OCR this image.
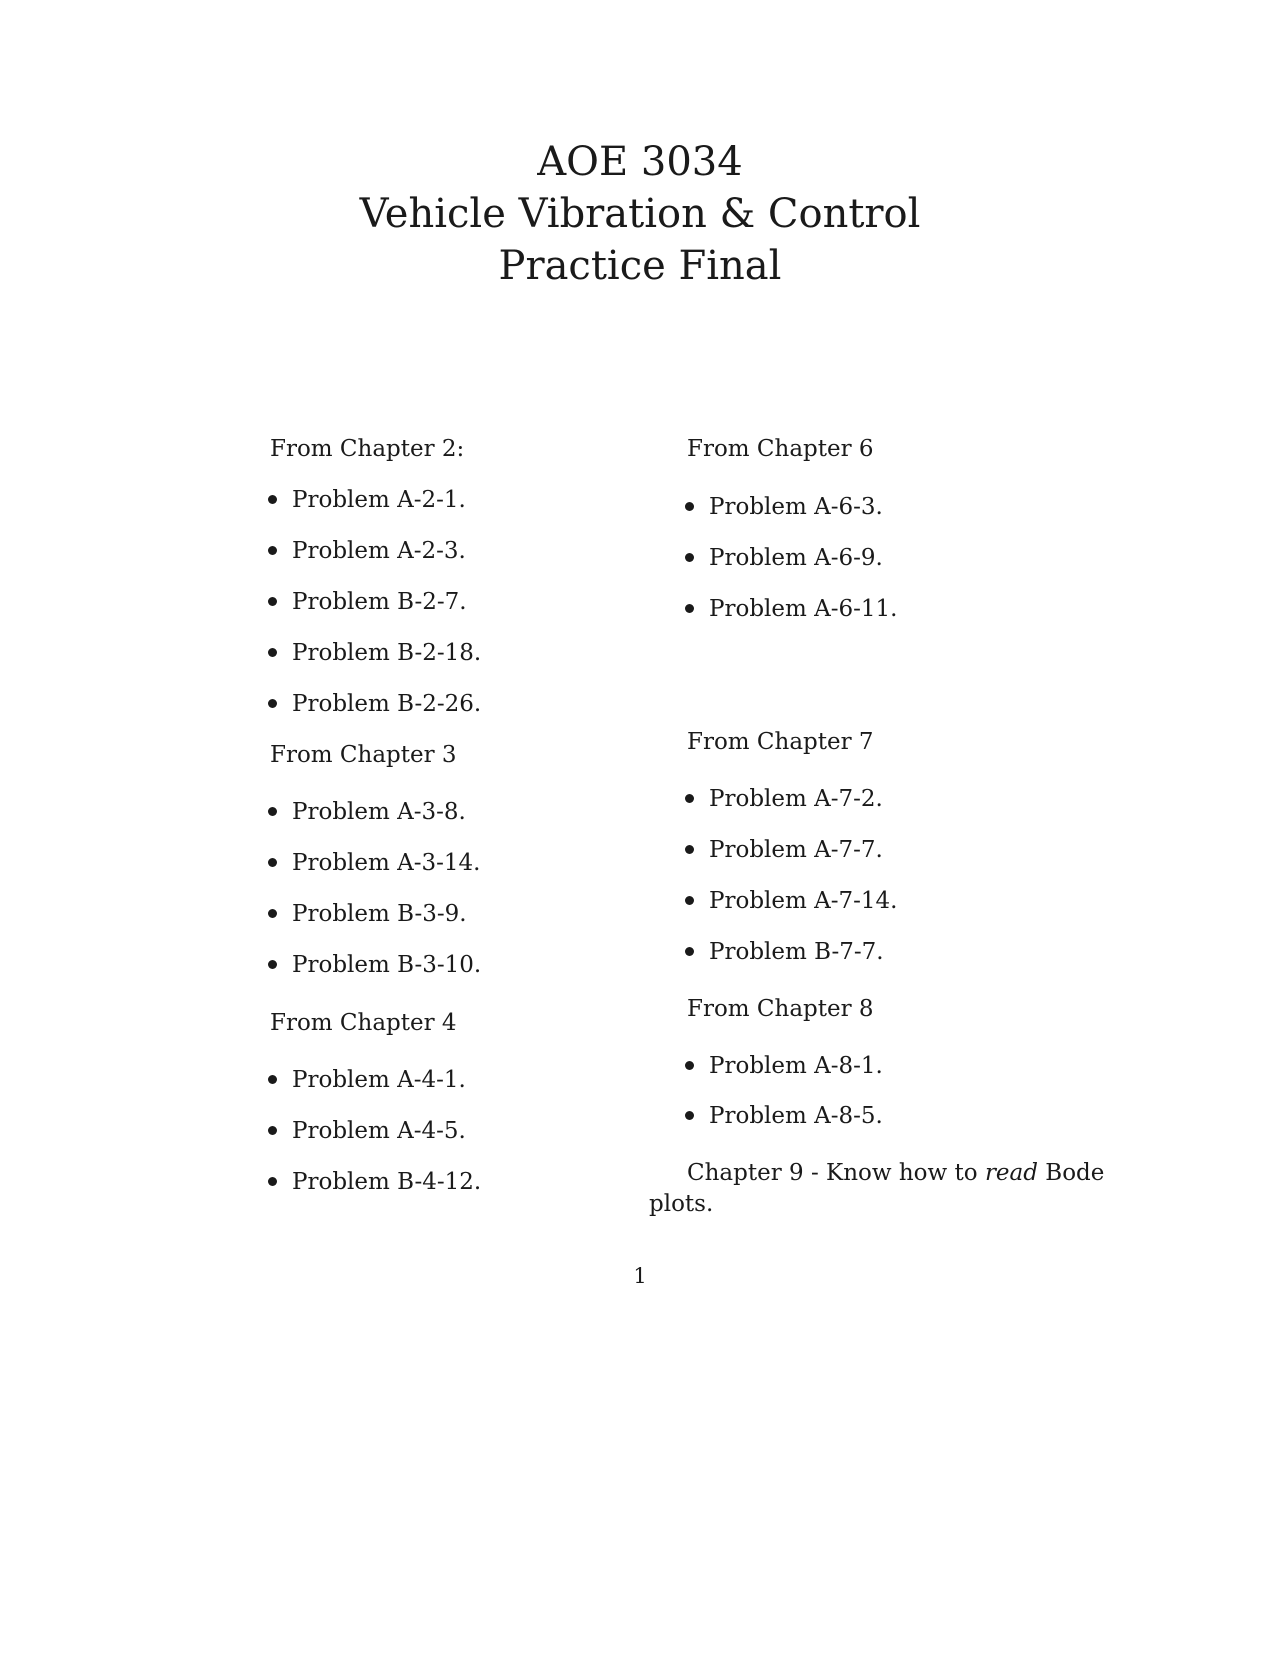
AOE 3034
Vehicle Vibration & Control
Practice Final
From Chapter 2:
Problem A-2-1.
Problem A-2-3.
Problem B-2-7.
Problem B-2-18.
Problem B-2-26.
From Chapter 3
Problem A-3-8.
Problem A-3-14.
Problem B-3-9.
Problem B-3-10.
From Chapter 4
Problem A-4-1.
Problem A-4-5.
Problem B-4-12.
From Chapter 6
Problem A-6-3.
Problem A-6-9.
Problem A-6-11.
From Chapter 7
Problem A-7-2.
Problem A-7-7.
Problem A-7-14.
Problem B-7-7.
From Chapter 8
Problem A-8-1.
Problem A-8-5.
Chapter 9 - Know how to read Bode
plots.
1
